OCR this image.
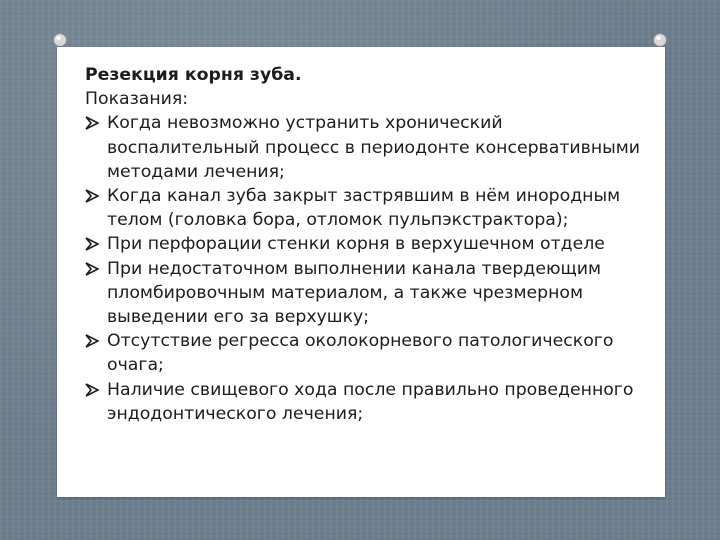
Резекция корня зуба.

Показания:

Когда невозможно устранить хронический воспалительный процесс в периодонте консервативными методами лечения;
Когда канал зуба закрыт застрявшим в нём инородным телом (головка бора, отломок пульпэкстрактора);
При перфорации стенки корня в верхушечном отделе
При недостаточном выполнении канала твердеющим пломбировочным материалом, а также чрезмерном выведении его за верхушку;
Отсутствие регресса околокорневого патологического очага;
Наличие свищевого хода после правильно проведенного эндодонтического лечения;
